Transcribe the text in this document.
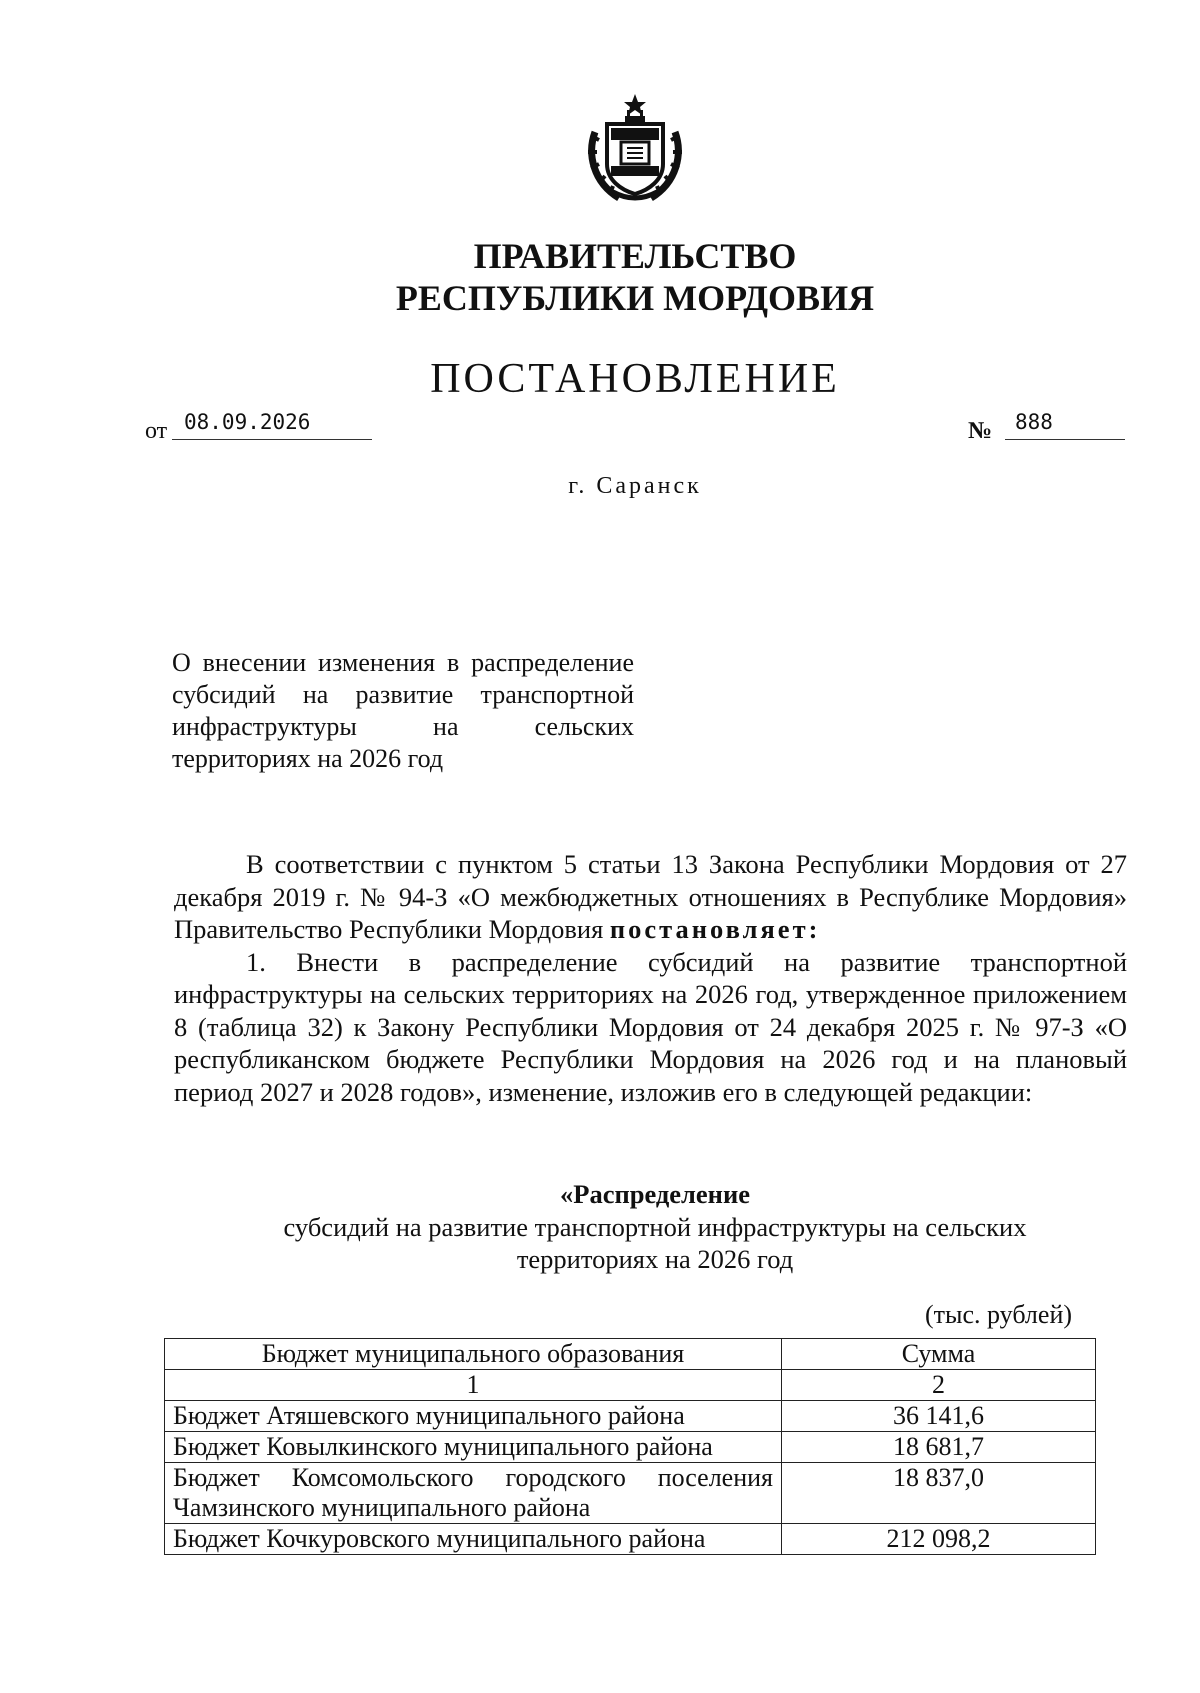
ПРАВИТЕЛЬСТВО
РЕСПУБЛИКИ МОРДОВИЯ
ПОСТАНОВЛЕНИЕ
от 08.09.2026	№	888
г. Саранск
О внесении изменения в распределение субсидий на развитие транспортной инфраструктуры на сельских территориях на 2026 год

В соответствии с пунктом 5 статьи 13 Закона Республики Мордовия от 27 декабря 2019 г. № 94-З «О межбюджетных отношениях в Республике Мордовия» Правительство Республики Мордовия постановляет:

1. Внести в распределение субсидий на развитие транспортной инфраструктуры на сельских территориях на 2026 год, утвержденное приложением 8 (таблица 32) к Закону Республики Мордовия от 24 декабря 2025 г. № 97-З «О республиканском бюджете Республики Мордовия на 2026 год и на плановый период 2027 и 2028 годов», изменение, изложив его в следующей редакции:

«Распределение
субсидий на развитие транспортной инфраструктуры на сельских
территориях на 2026 год
(тыс. рублей)
Бюджет муниципального образования	Сумма
1	2
Бюджет Атяшевского муниципального района	36 141,6
Бюджет Ковылкинского муниципального района	18 681,7
Бюджет Комсомольского городского поселения Чамзинского муниципального района	18 837,0
Бюджет Кочкуровского муниципального района	212 098,2
